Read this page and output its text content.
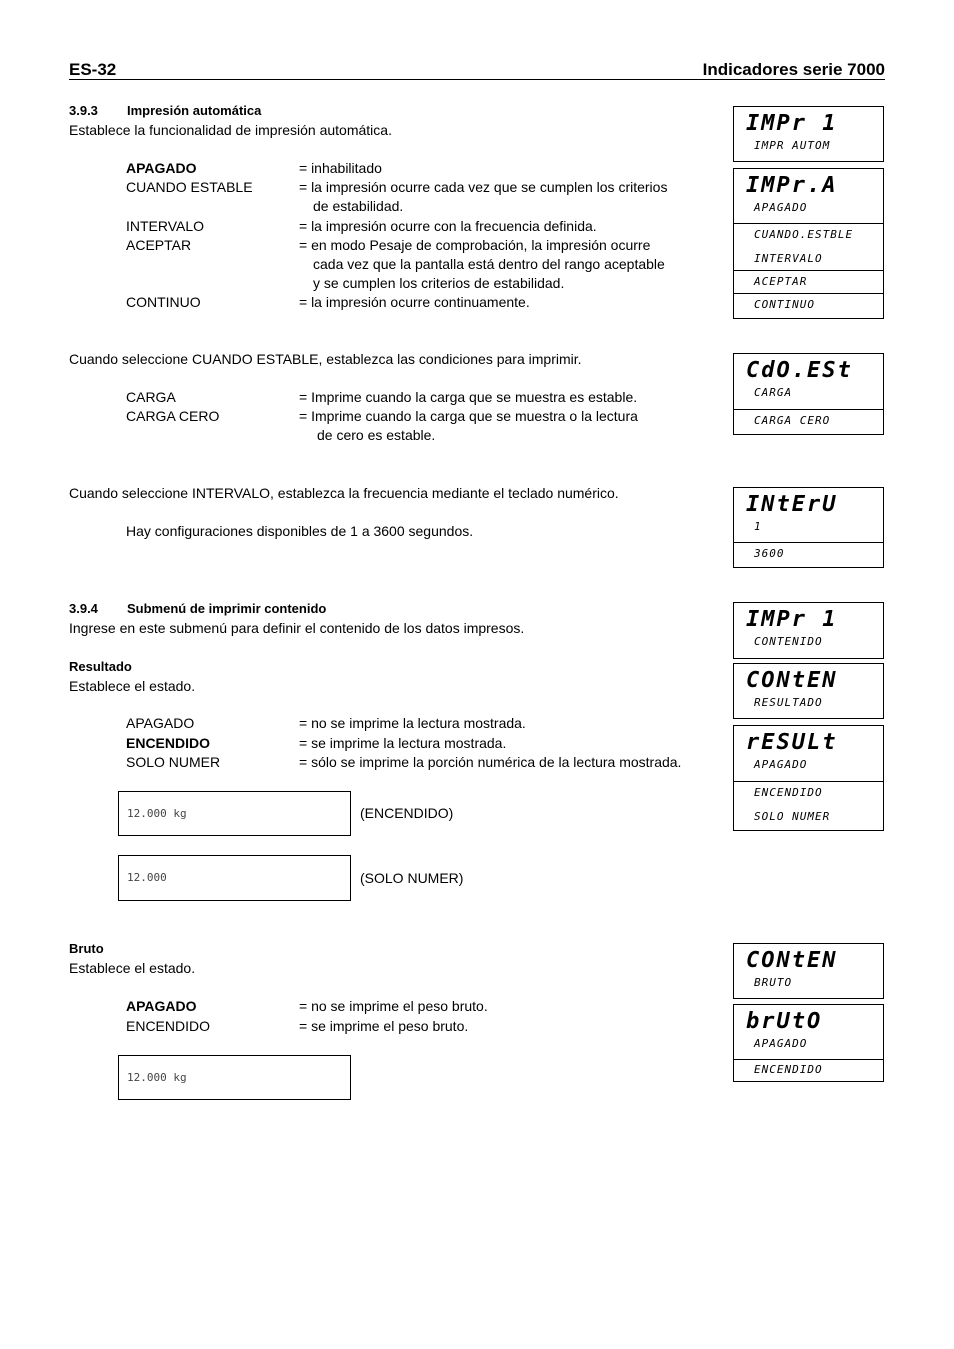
ES-32	Indicadores serie 7000
3.9.3 Impresión automática
Establece la funcionalidad de impresión automática.
APAGADO	= inhabilitado
CUANDO ESTABLE	= la impresión ocurre cada vez que se cumplen los criterios
de estabilidad.
INTERVALO	= la impresión ocurre con la frecuencia definida.
ACEPTAR	= en modo Pesaje de comprobación, la impresión ocurre
cada vez que la pantalla está dentro del rango aceptable
y se cumplen los criterios de estabilidad.
CONTINUO	= la impresión ocurre continuamente.
Cuando seleccione CUANDO ESTABLE, establezca las condiciones para imprimir.
CARGA	= Imprime cuando la carga que se muestra es estable.
CARGA CERO	= Imprime cuando la carga que se muestra o la lectura
de cero es estable.
Cuando seleccione INTERVALO, establezca la frecuencia mediante el teclado numérico.
Hay configuraciones disponibles de 1 a 3600 segundos.
3.9.4 Submenú de imprimir contenido
Ingrese en este submenú para definir el contenido de los datos impresos.
Resultado
Establece el estado.
APAGADO	= no se imprime la lectura mostrada.
ENCENDIDO	= se imprime la lectura mostrada.
SOLO NUMER	= sólo se imprime la porción numérica de la lectura mostrada.
12.000 kg	(ENCENDIDO)
12.000	(SOLO NUMER)
Bruto
Establece el estado.
APAGADO	= no se imprime el peso bruto.
ENCENDIDO	= se imprime el peso bruto.
12.000 kg
IMPr 1
IMPR AUTOM
IMPr.A
APAGADO
CUANDO.ESTBLE
INTERVALO
ACEPTAR
CONTINUO
CdO.ESt
CARGA
CARGA CERO
INtErU
1
3600
IMPr 1
CONTENIDO
CONtEN
RESULTADO
rESULt
APAGADO
ENCENDIDO
SOLO NUMER
CONtEN
BRUTO
brUtO
APAGADO
ENCENDIDO
